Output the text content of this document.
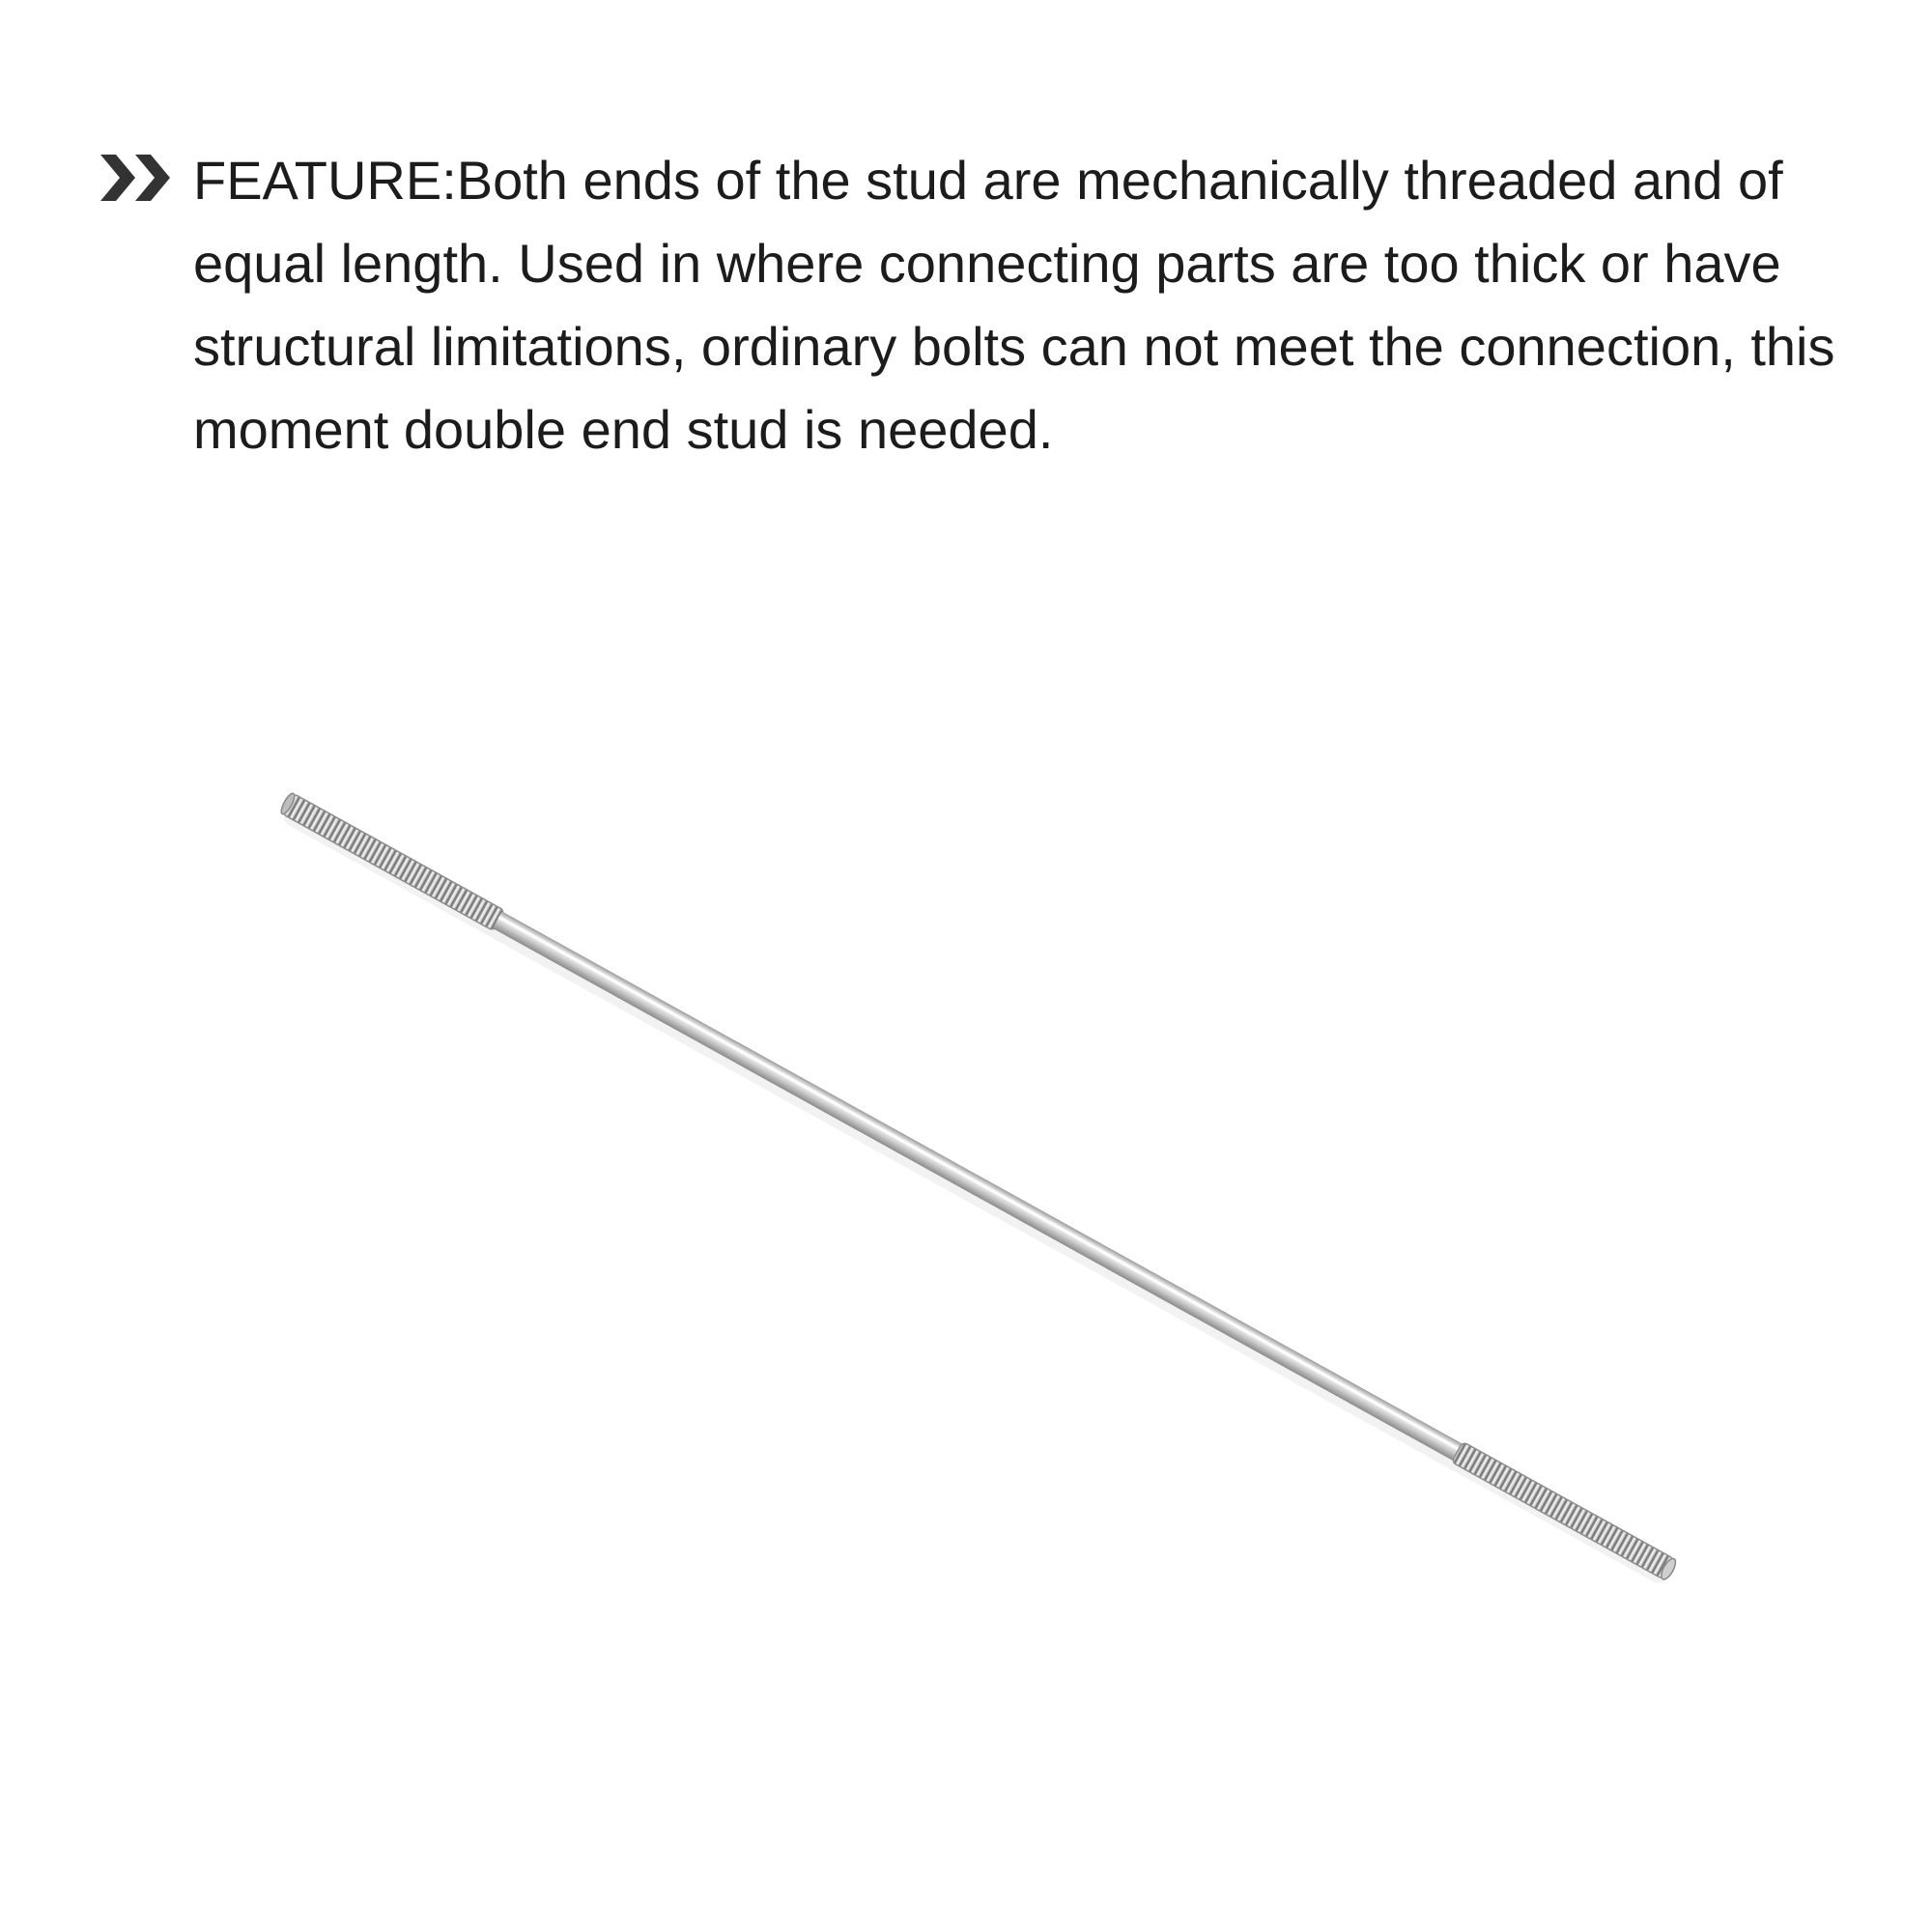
FEATURE:Both ends of the stud are mechanically threaded and of equal length. Used in where connecting parts are too thick or have structural limitations, ordinary bolts can not meet the connection, this moment double end stud is needed.
